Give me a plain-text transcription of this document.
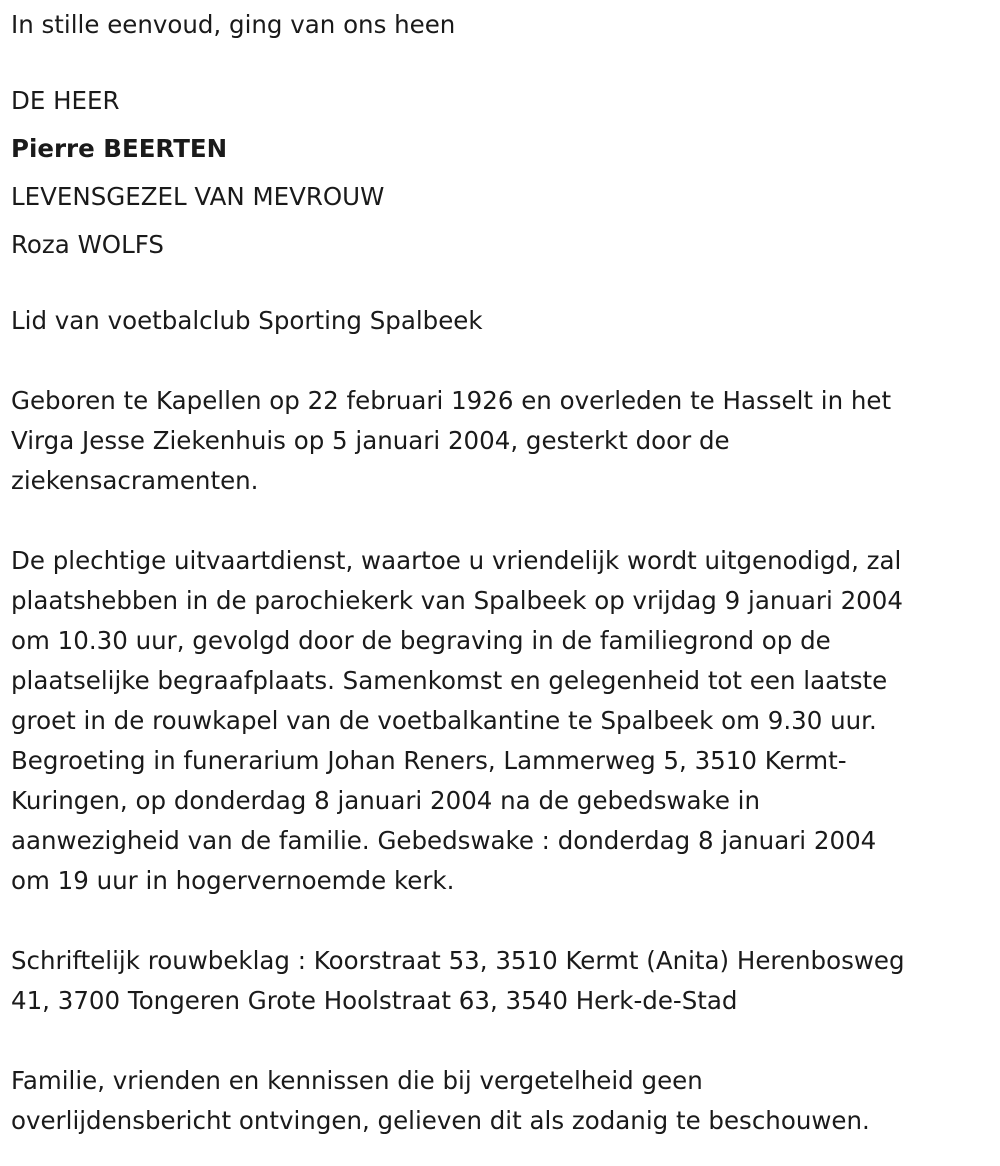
In stille eenvoud, ging van ons heen
DE HEER
Pierre BEERTEN
LEVENSGEZEL VAN MEVROUW
Roza WOLFS
Lid van voetbalclub Sporting Spalbeek
Geboren te Kapellen op 22 februari 1926 en overleden te Hasselt in het
Virga Jesse Ziekenhuis op 5 januari 2004, gesterkt door de
ziekensacramenten.
De plechtige uitvaartdienst, waartoe u vriendelijk wordt uitgenodigd, zal
plaatshebben in de parochiekerk van Spalbeek op vrijdag 9 januari 2004
om 10.30 uur, gevolgd door de begraving in de familiegrond op de
plaatselijke begraafplaats. Samenkomst en gelegenheid tot een laatste
groet in de rouwkapel van de voetbalkantine te Spalbeek om 9.30 uur.
Begroeting in funerarium Johan Reners, Lammerweg 5, 3510 Kermt-
Kuringen, op donderdag 8 januari 2004 na de gebedswake in
aanwezigheid van de familie. Gebedswake : donderdag 8 januari 2004
om 19 uur in hogervernoemde kerk.
Schriftelijk rouwbeklag : Koorstraat 53, 3510 Kermt (Anita) Herenbosweg
41, 3700 Tongeren Grote Hoolstraat 63, 3540 Herk-de-Stad
Familie, vrienden en kennissen die bij vergetelheid geen
overlijdensbericht ontvingen, gelieven dit als zodanig te beschouwen.
